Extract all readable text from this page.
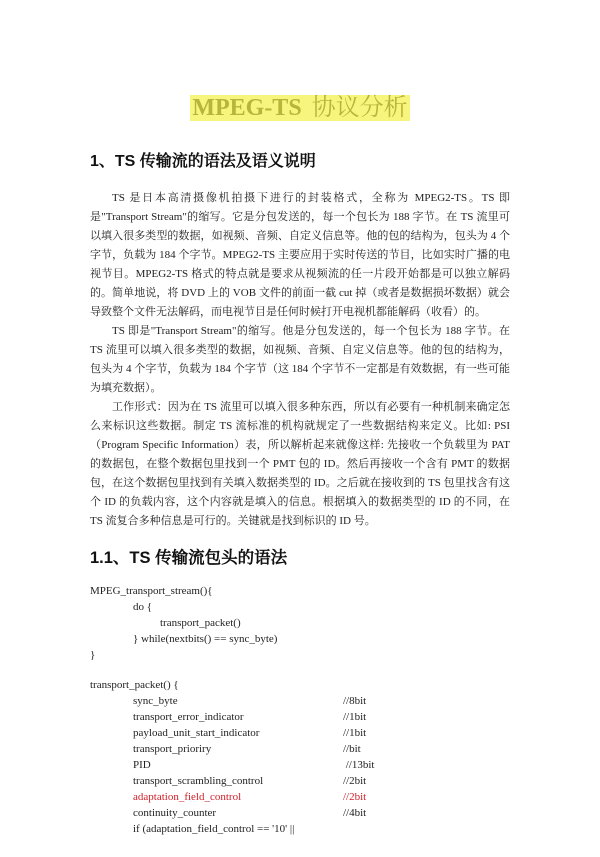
MPEG-TS 协议分析
1、TS 传输流的语法及语义说明

TS 是日本高清摄像机拍摄下进行的封装格式，全称为 MPEG2-TS。TS 即是"Transport Stream"的缩写。它是分包发送的，每一个包长为 188 字节。在 TS 流里可以填入很多类型的数据，如视频、音频、自定义信息等。他的包的结构为，包头为 4 个字节，负载为 184 个字节。MPEG2-TS 主要应用于实时传送的节目，比如实时广播的电视节目。MPEG2-TS 格式的特点就是要求从视频流的任一片段开始都是可以独立解码的。简单地说，将 DVD 上的 VOB 文件的前面一截 cut 掉（或者是数据损坏数据）就会导致整个文件无法解码，而电视节目是任何时候打开电视机都能解码（收看）的。

TS 即是"Transport Stream"的缩写。他是分包发送的，每一个包长为 188 字节。在 TS 流里可以填入很多类型的数据，如视频、音频、自定义信息等。他的包的结构为，包头为 4 个字节，负载为 184 个字节（这 184 个字节不一定都是有效数据，有一些可能为填充数据）。

工作形式：因为在 TS 流里可以填入很多种东西，所以有必要有一种机制来确定怎么来标识这些数据。制定 TS 流标准的机构就规定了一些数据结构来定义。比如: PSI（Program Specific Information）表，所以解析起来就像这样: 先接收一个负载里为 PAT 的数据包，在整个数据包里找到一个 PMT 包的 ID。然后再接收一个含有 PMT 的数据包，在这个数据包里找到有关填入数据类型的 ID。之后就在接收到的 TS 包里找含有这个 ID 的负载内容，这个内容就是填入的信息。根据填入的数据类型的 ID 的不同，在 TS 流复合多种信息是可行的。关键就是找到标识的 ID 号。

1.1、TS 传输流包头的语法
MPEG_transport_stream(){
do {
transport_packet()
} while(nextbits() == sync_byte)
}
transport_packet() {
sync_byte	//8bit
transport_error_indicator	//1bit
payload_unit_start_indicator	//1bit
transport_prioriry	//bit
PID	//13bit
transport_scrambling_control	//2bit
adaptation_field_control	//2bit
continuity_counter	//4bit
if (adaptation_field_control == '10' ||
